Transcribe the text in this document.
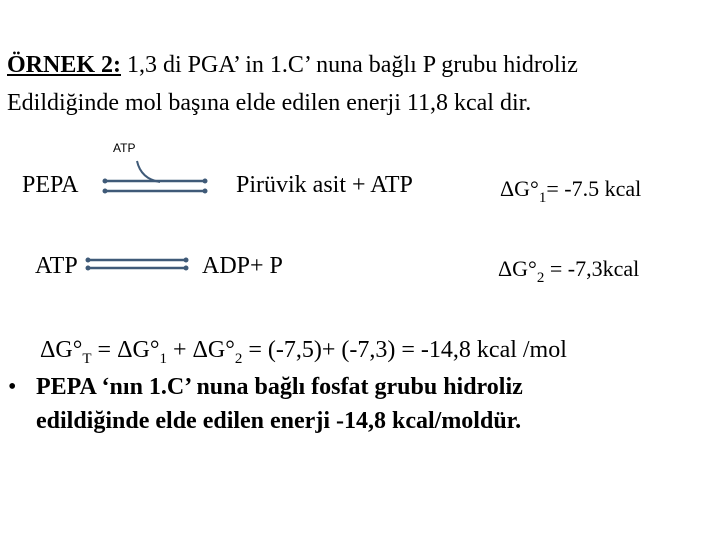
ÖRNEK 2: 1,3 di PGA’ in 1.C’ nuna bağlı P grubu hidroliz
Edildiğinde mol başına elde edilen enerji 11,8 kcal dir.
ATP
PEPA	Pirüvik asit + ATP	$\Delta G^\circ_1= -7.5$ kcal
ATP	ADP+ P	$\Delta G^\circ_2$ = -7,3kcal
$\Delta G^\circ_T = \Delta G^\circ_1 + \Delta G^\circ_2 = (-7,5)+ (-7,3) = -14,8$ kcal /mol
• PEPA ‘nın 1.C’ nuna bağlı fosfat grubu hidroliz
edildiğinde elde edilen enerji -14,8 kcal/moldür.
